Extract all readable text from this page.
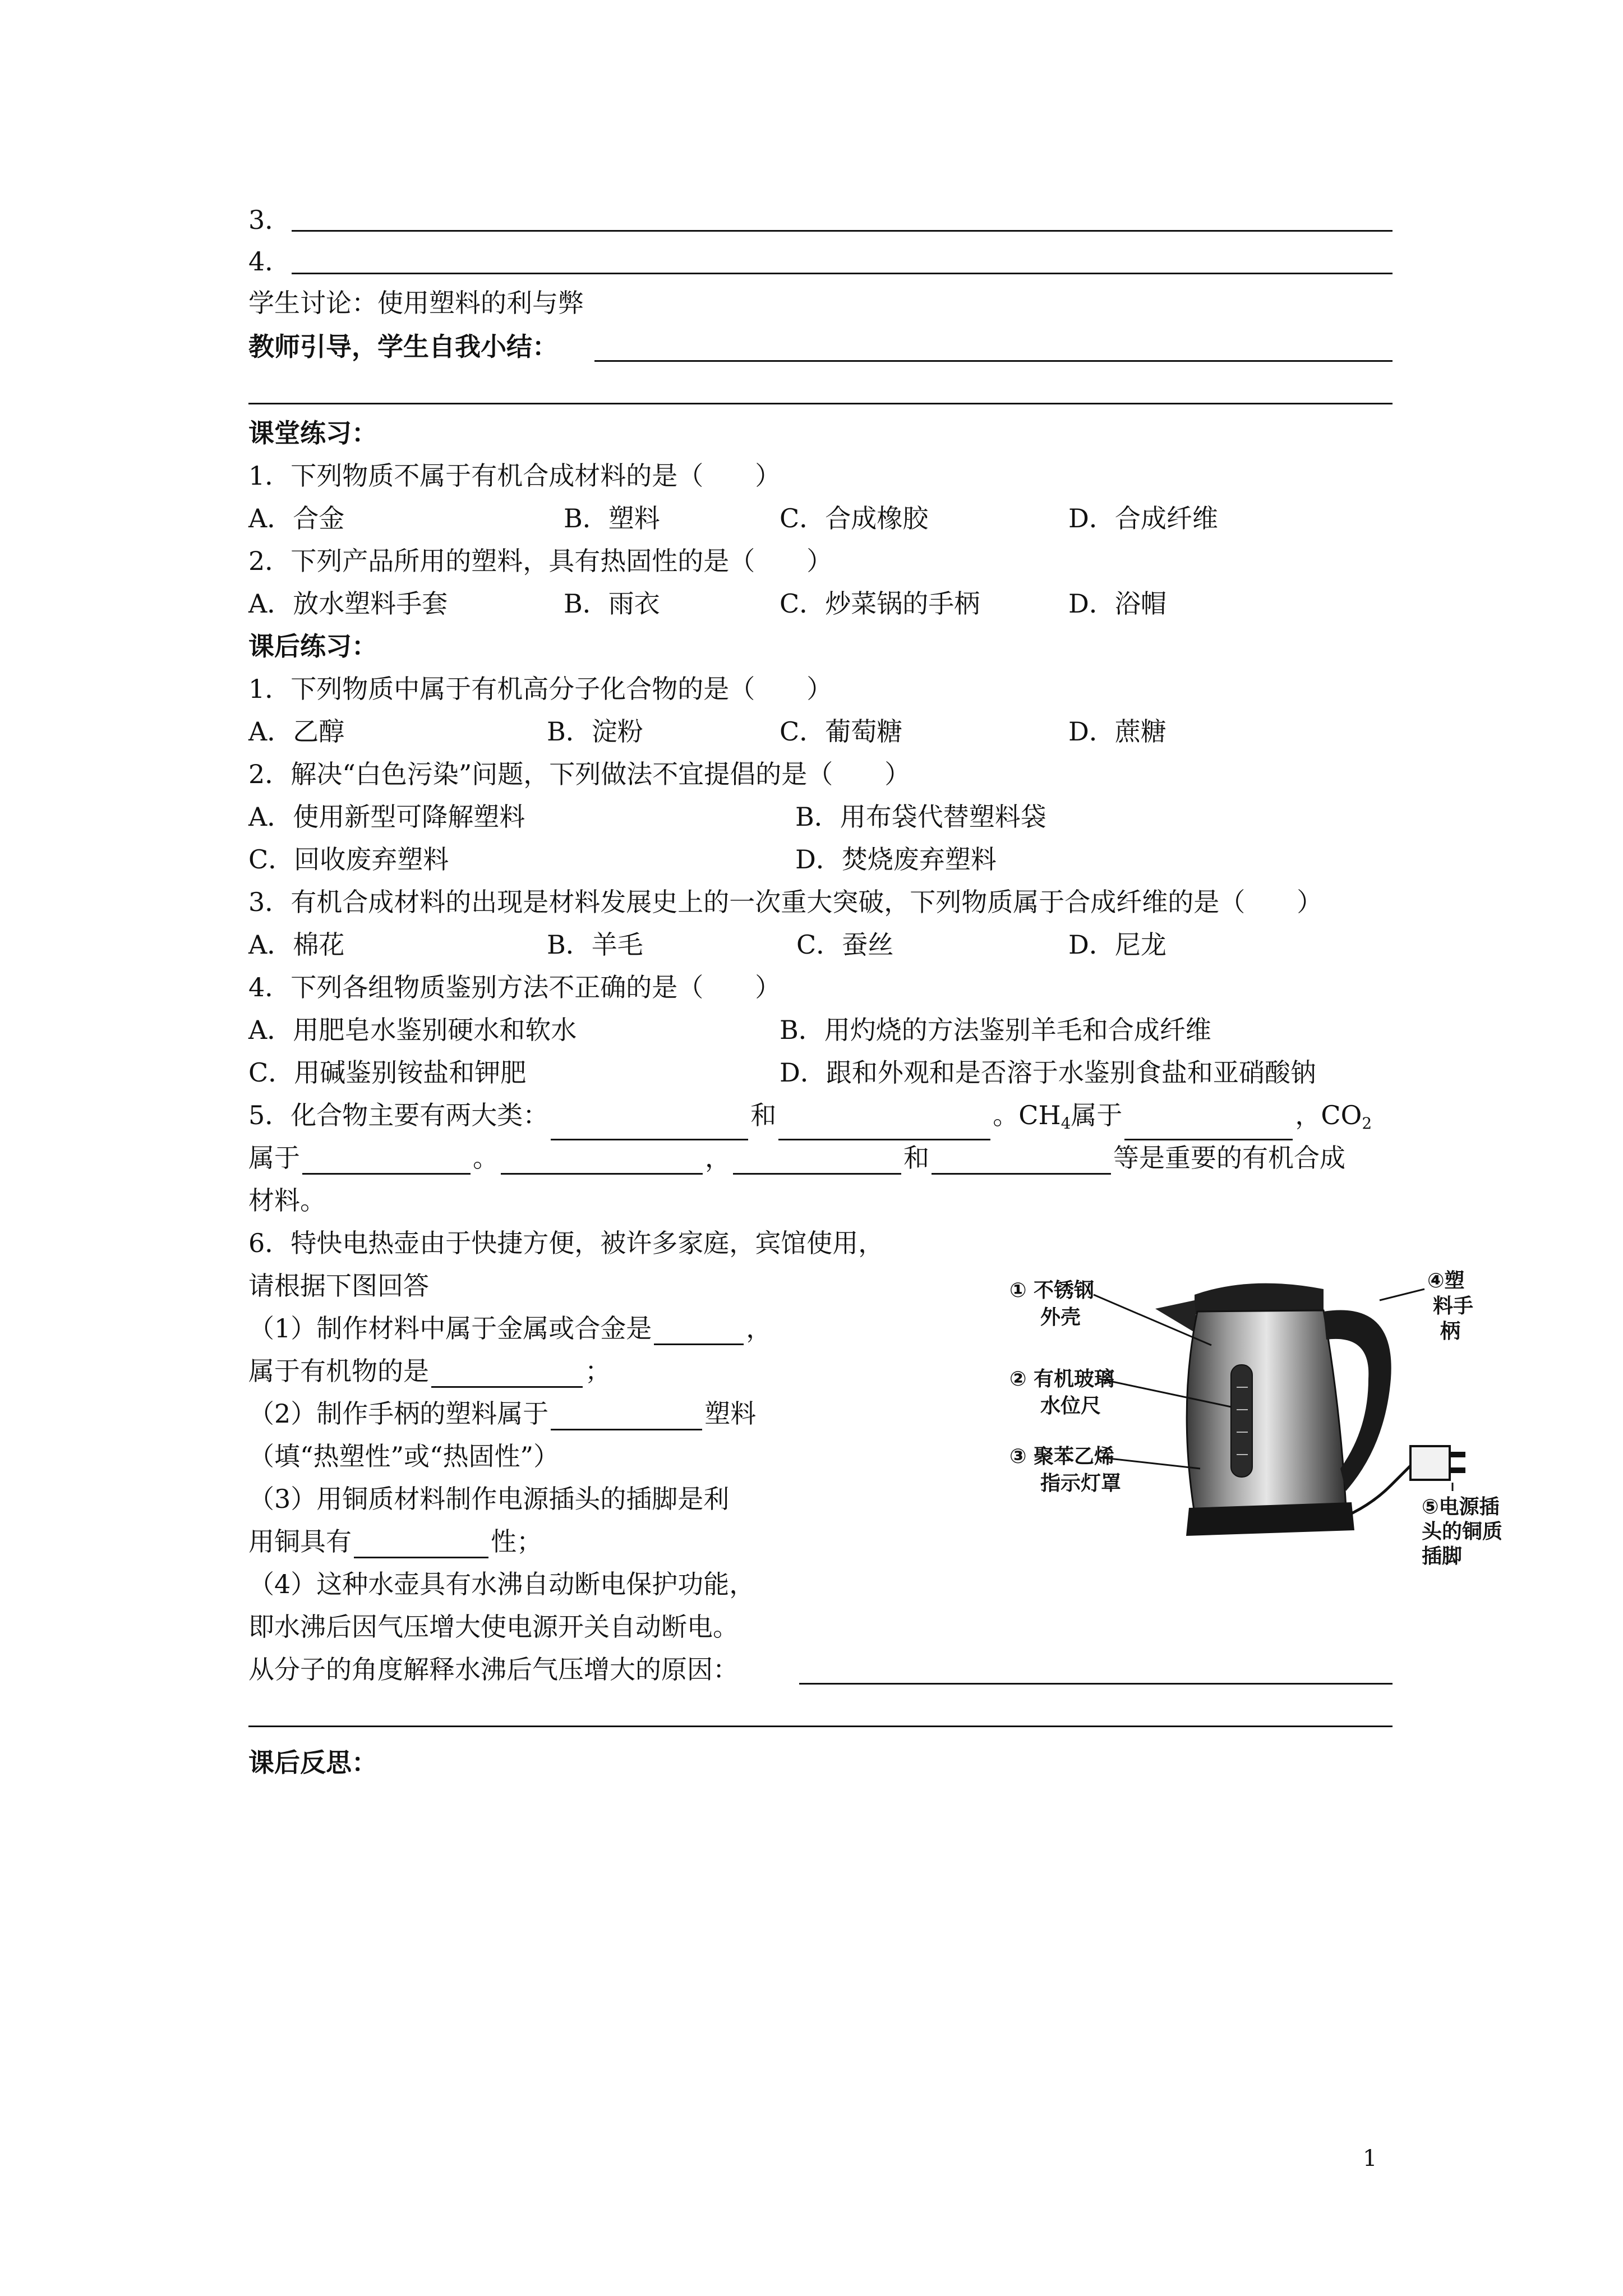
3．
4．
学生讨论：使用塑料的利与弊
教师引导，学生自我小结：
课堂练习：
1．下列物质不属于有机合成材料的是（　　）
A．合金	B．塑料	C．合成橡胶	D．合成纤维
2．下列产品所用的塑料，具有热固性的是（　　）
A．放水塑料手套	B．雨衣	C．炒菜锅的手柄	D．浴帽
课后练习：
1．下列物质中属于有机高分子化合物的是（　　）
A．乙醇	B．淀粉	C．葡萄糖	D．蔗糖
2．解决“白色污染”问题，下列做法不宜提倡的是（　　）
A．使用新型可降解塑料	B．用布袋代替塑料袋
C．回收废弃塑料	D．焚烧废弃塑料
3．有机合成材料的出现是材料发展史上的一次重大突破，下列物质属于合成纤维的是（　　）
A．棉花	B．羊毛	C．蚕丝	D．尼龙
4．下列各组物质鉴别方法不正确的是（　　）
A．用肥皂水鉴别硬水和软水	B．用灼烧的方法鉴别羊毛和合成纤维
C．用碱鉴别铵盐和钾肥	D．跟和外观和是否溶于水鉴别食盐和亚硝酸钠
5．化合物主要有两大类：	和	。$CH_4$属于	，$CO_2$
属于	。	，	和	等是重要的有机合成
材料。
6．特快电热壶由于快捷方便，被许多家庭，宾馆使用，
请根据下图回答
（1）制作材料中属于金属或合金是	，
属于有机物的是	；
（2）制作手柄的塑料属于	塑料
（填“热塑性”或“热固性”）
（3）用铜质材料制作电源插头的插脚是利
用铜具有	性；
（4）这种水壶具有水沸自动断电保护功能，
即水沸后因气压增大使电源开关自动断电。
从分子的角度解释水沸后气压增大的原因：
课后反思：
① 不锈钢
外壳
② 有机玻璃
水位尺
③ 聚苯乙烯
指示灯罩
④塑
料手
柄
⑤电源插
头的铜质
插脚
1
